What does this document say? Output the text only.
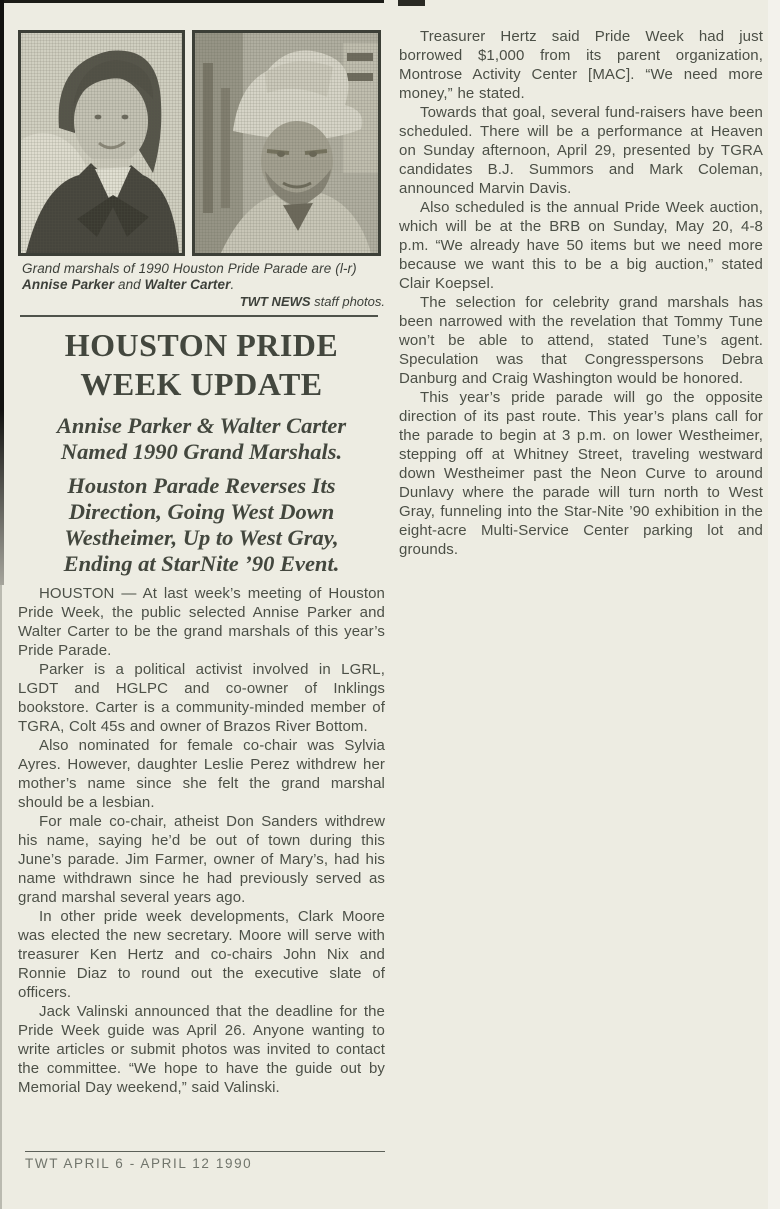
Grand marshals of 1990 Houston Pride Parade are (l-r) Annise Parker and Walter Carter.

TWT NEWS staff photos.

HOUSTON PRIDE WEEK UPDATE
Annise Parker & Walter Carter Named 1990 Grand Marshals.
Houston Parade Reverses Its Direction, Going West Down Westheimer, Up to West Gray, Ending at StarNite ’90 Event.

HOUSTON — At last week’s meeting of Houston Pride Week, the public selected Annise Parker and Walter Carter to be the grand marshals of this year’s Pride Parade.

Parker is a political activist involved in LGRL, LGDT and HGLPC and co-owner of Inklings bookstore. Carter is a community-minded member of TGRA, Colt 45s and owner of Brazos River Bottom.

Also nominated for female co-chair was Sylvia Ayres. However, daughter Leslie Perez withdrew her mother’s name since she felt the grand marshal should be a lesbian.

For male co-chair, atheist Don Sanders withdrew his name, saying he’d be out of town during this June’s parade. Jim Farmer, owner of Mary’s, had his name withdrawn since he had previously served as grand marshal several years ago.

In other pride week developments, Clark Moore was elected the new secretary. Moore will serve with treasurer Ken Hertz and co-chairs John Nix and Ronnie Diaz to round out the executive slate of officers.

Jack Valinski announced that the deadline for the Pride Week guide was April 26. Anyone wanting to write articles or submit photos was invited to contact the committee. “We hope to have the guide out by Memorial Day weekend,” said Valinski.

Treasurer Hertz said Pride Week had just borrowed $1,000 from its parent organization, Montrose Activity Center [MAC]. “We need more money,” he stated.

Towards that goal, several fund-raisers have been scheduled. There will be a performance at Heaven on Sunday afternoon, April 29, presented by TGRA candidates B.J. Summors and Mark Coleman, announced Marvin Davis.

Also scheduled is the annual Pride Week auction, which will be at the BRB on Sunday, May 20, 4-8 p.m. “We already have 50 items but we need more because we want this to be a big auction,” stated Clair Koepsel.

The selection for celebrity grand marshals has been narrowed with the revelation that Tommy Tune won’t be able to attend, stated Tune’s agent. Speculation was that Congresspersons Debra Danburg and Craig Washington would be honored.

This year’s pride parade will go the opposite direction of its past route. This year’s plans call for the parade to begin at 3 p.m. on lower Westheimer, stepping off at Whitney Street, traveling westward down Westheimer past the Neon Curve to around Dunlavy where the parade will turn north to West Gray, funneling into the Star-Nite ’90 exhibition in the eight-acre Multi-Service Center parking lot and grounds.

TWT APRIL 6 - APRIL 12 1990
